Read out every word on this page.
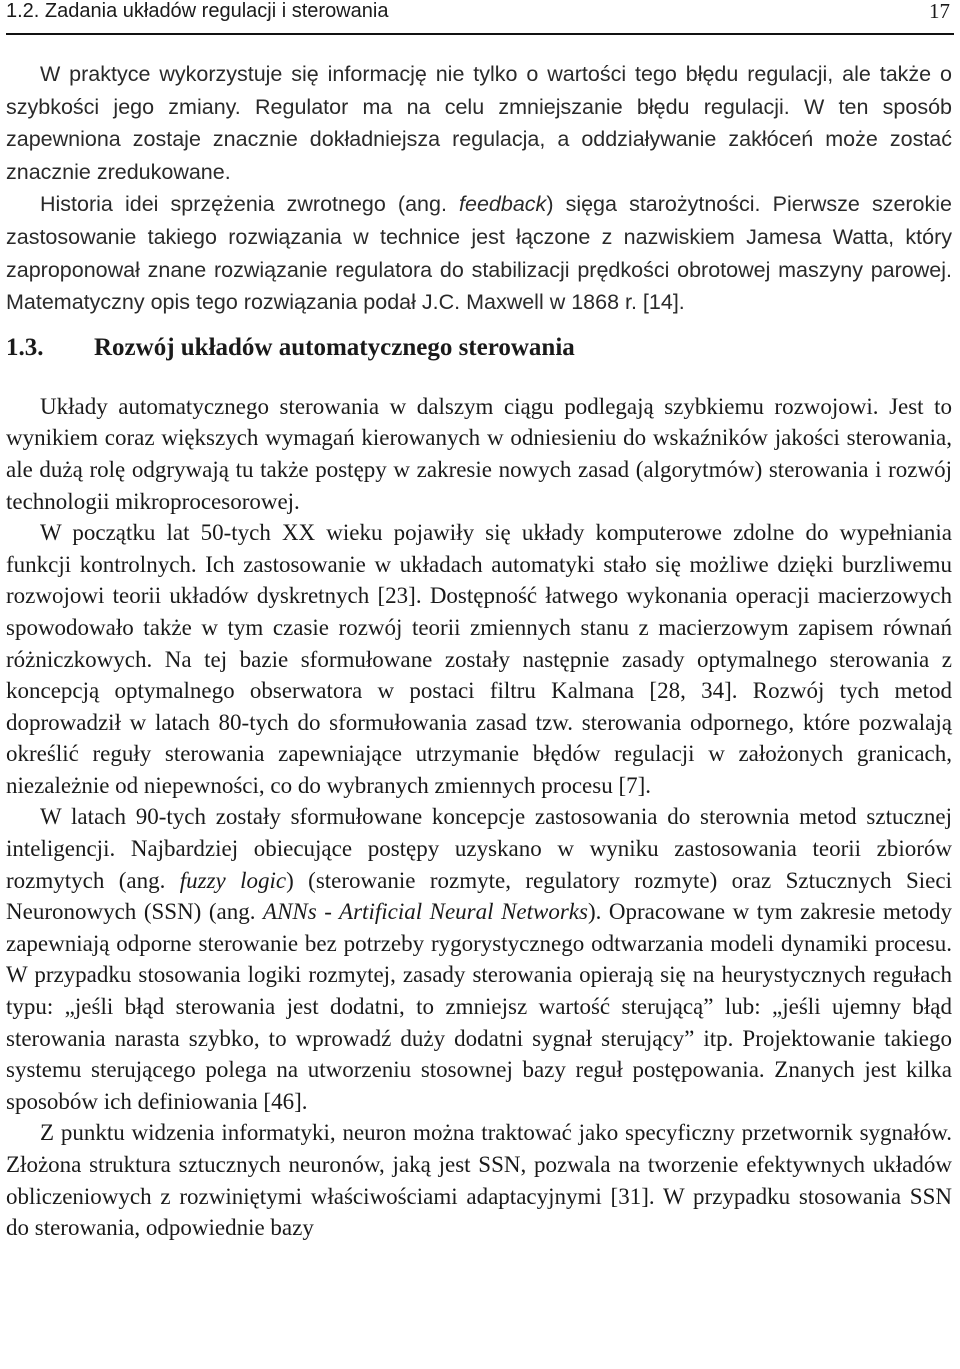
1.2. Zadania układów regulacji i sterowania	17

W praktyce wykorzystuje się informację nie tylko o wartości tego błędu regulacji, ale także o szybkości jego zmiany. Regulator ma na celu zmniejszanie błędu regulacji. W ten sposób zapewniona zostaje znacznie dokładniejsza regulacja, a oddziaływanie zakłóceń może zostać znacznie zredukowane.

Historia idei sprzężenia zwrotnego (ang. feedback) sięga starożytności. Pierwsze szerokie zastosowanie takiego rozwiązania w technice jest łączone z nazwiskiem Jamesa Watta, który zaproponował znane rozwiązanie regulatora do stabilizacji prędkości obrotowej maszyny parowej. Matematyczny opis tego rozwiązania podał J.C. Maxwell w 1868 r. [14].

1.3. Rozwój układów automatycznego sterowania

Układy automatycznego sterowania w dalszym ciągu podlegają szybkiemu rozwojowi. Jest to wynikiem coraz większych wymagań kierowanych w odniesieniu do wskaźników jakości sterowania, ale dużą rolę odgrywają tu także postępy w zakresie nowych zasad (algorytmów) sterowania i rozwój technologii mikroprocesorowej.

W początku lat 50-tych XX wieku pojawiły się układy komputerowe zdolne do wypełniania funkcji kontrolnych. Ich zastosowanie w układach automatyki stało się możliwe dzięki burzliwemu rozwojowi teorii układów dyskretnych [23]. Dostępność łatwego wykonania operacji macierzowych spowodowało także w tym czasie rozwój teorii zmiennych stanu z macierzowym zapisem równań różniczkowych. Na tej bazie sformułowane zostały następnie zasady optymalnego sterowania z koncepcją optymalnego obserwatora w postaci filtru Kalmana [28, 34]. Rozwój tych metod doprowadził w latach 80-tych do sformułowania zasad tzw. sterowania odpornego, które pozwalają określić reguły sterowania zapewniające utrzymanie błędów regulacji w założonych granicach, niezależnie od niepewności, co do wybranych zmiennych procesu [7].

W latach 90-tych zostały sformułowane koncepcje zastosowania do sterownia metod sztucznej inteligencji. Najbardziej obiecujące postępy uzyskano w wyniku zastosowania teorii zbiorów rozmytych (ang. fuzzy logic) (sterowanie rozmyte, regulatory rozmyte) oraz Sztucznych Sieci Neuronowych (SSN) (ang. ANNs - Artificial Neural Networks). Opracowane w tym zakresie metody zapewniają odporne sterowanie bez potrzeby rygorystycznego odtwarzania modeli dynamiki procesu. W przypadku stosowania logiki rozmytej, zasady sterowania opierają się na heurystycznych regułach typu: „jeśli błąd sterowania jest dodatni, to zmniejsz wartość sterującą” lub: „jeśli ujemny błąd sterowania narasta szybko, to wprowadź duży dodatni sygnał sterujący” itp. Projektowanie takiego systemu sterującego polega na utworzeniu stosownej bazy reguł postępowania. Znanych jest kilka sposobów ich definiowania [46].

Z punktu widzenia informatyki, neuron można traktować jako specyficzny przetwornik sygnałów. Złożona struktura sztucznych neuronów, jaką jest SSN, pozwala na tworzenie efektywnych układów obliczeniowych z rozwiniętymi właściwościami adaptacyjnymi [31]. W przypadku stosowania SSN do sterowania, odpowiednie bazy
